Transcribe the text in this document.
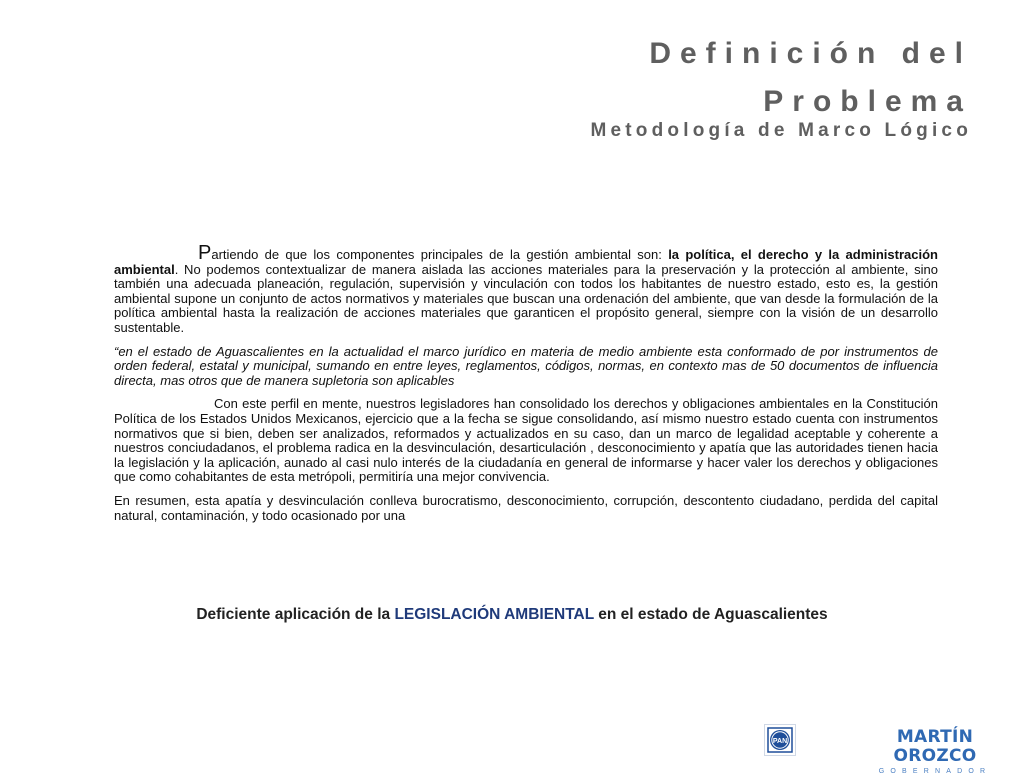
Definición del
Problema
Metodología de Marco Lógico

Partiendo de que los componentes principales de la gestión ambiental son: la política, el derecho y la administración ambiental. No podemos contextualizar de manera aislada las acciones materiales para la preservación y la protección al ambiente, sino también una adecuada planeación, regulación, supervisión y vinculación con todos los habitantes de nuestro estado, esto es, la gestión ambiental supone un conjunto de actos normativos y materiales que buscan una ordenación del ambiente, que van desde la formulación de la política ambiental hasta la realización de acciones materiales que garanticen el propósito general, siempre con la visión de un desarrollo sustentable.

“en el estado de Aguascalientes en la actualidad el marco jurídico en materia de medio ambiente esta conformado de por instrumentos de orden federal, estatal y municipal, sumando en entre leyes, reglamentos, códigos, normas, en contexto mas de 50 documentos de influencia directa, mas otros que de manera supletoria son aplicables

Con este perfil en mente, nuestros legisladores han consolidado los derechos y obligaciones ambientales en la Constitución Política de los Estados Unidos Mexicanos, ejercicio que a la fecha se sigue consolidando, así mismo nuestro estado cuenta con instrumentos normativos que si bien, deben ser analizados, reformados y actualizados en su caso, dan un marco de legalidad aceptable y coherente a nuestros conciudadanos, el problema radica en la desvinculación, desarticulación , desconocimiento y apatía que las autoridades tienen hacia la legislación y la aplicación, aunado al casi nulo interés de la ciudadanía en general de informarse y hacer valer los derechos y obligaciones que como cohabitantes de esta metrópoli, permitiría una mejor convivencia.

En resumen, esta apatía y desvinculación conlleva burocratismo, desconocimiento, corrupción, descontento ciudadano, perdida del capital natural, contaminación, y todo ocasionado por una

Deficiente aplicación de la LEGISLACIÓN AMBIENTAL en el estado de Aguascalientes
PAN	MARTÍN OROZCO
GOBERNADOR
